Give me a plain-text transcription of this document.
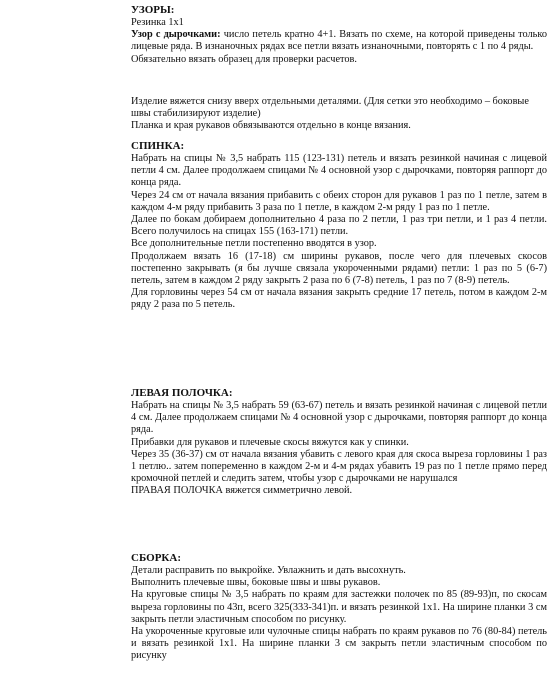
УЗОРЫ:

Резинка 1x1

Узор с дырочками: число петель кратно 4+1. Вязать по схеме, на которой приведены только лицевые ряда. В изнаночных рядах все петли вязать изнаночными, повторять с 1 по 4 ряды.

Обязательно вязать образец для проверки расчетов.

Изделие вяжется снизу вверх отдельными деталями. (Для сетки это необходимо – боковые швы стабилизируют изделие)

Планка и края рукавов обвязываются отдельно в конце вязания.

СПИНКА:

Набрать на спицы № 3,5 набрать 115 (123-131) петель и вязать резинкой начиная с лицевой петли 4 см. Далее продолжаем спицами № 4 основной узор с дырочками, повторяя раппорт до конца ряда.

Через 24 см от начала вязания прибавить с обеих сторон для рукавов 1 раз по 1 петле, затем в каждом 4-м ряду прибавить 3 раза по 1 петле, в каждом 2-м ряду 1 раз по 1 петле.

Далее по бокам добираем дополнительно 4 раза по 2 петли, 1 раз три петли, и 1 раз 4 петли. Всего получилось на спицах 155 (163-171) петли.

Все дополнительные петли постепенно вводятся в узор.

Продолжаем вязать 16 (17-18) см ширины рукавов, после чего для плечевых скосов постепенно закрывать (я бы лучше связала укороченными рядами) петли: 1 раз по 5 (6-7) петель, затем в каждом 2 ряду закрыть 2 раза по 6 (7-8) петель, 1 раз по 7 (8-9) петель.

Для горловины через 54 см от начала вязания закрыть средние 17 петель, потом в каждом 2-м ряду 2 раза по 5 петель.

ЛЕВАЯ ПОЛОЧКА:

Набрать на спицы № 3,5 набрать 59 (63-67) петель и вязать резинкой начиная с лицевой петли 4 см. Далее продолжаем спицами № 4 основной узор с дырочками, повторяя раппорт до конца ряда.

Прибавки для рукавов и плечевые скосы вяжутся как у спинки.

Через 35 (36-37) см от начала вязания убавить с левого края для скоса выреза горловины 1 раз 1 петлю.. затем попеременно в каждом 2-м и 4-м рядах убавить 19 раз по 1 петле прямо перед кромочной петлей и следить затем, чтобы узор с дырочками не нарушался

ПРАВАЯ ПОЛОЧКА вяжется симметрично левой.

СБОРКА:

Детали расправить по выкройке. Увлажнить и дать высохнуть.

Выполнить плечевые швы, боковые швы и швы рукавов.

На круговые спицы № 3,5 набрать по краям для застежки полочек по 85 (89-93)п, по скосам выреза горловины по 43п, всего 325(333-341)п. и вязать резинкой 1x1. На ширине планки 3 см закрыть петли эластичным способом по рисунку.

На укороченные круговые или чулочные спицы набрать по краям рукавов по 76 (80-84) петель и вязать резинкой 1x1. На ширине планки 3 см закрыть петли эластичным способом по рисунку
